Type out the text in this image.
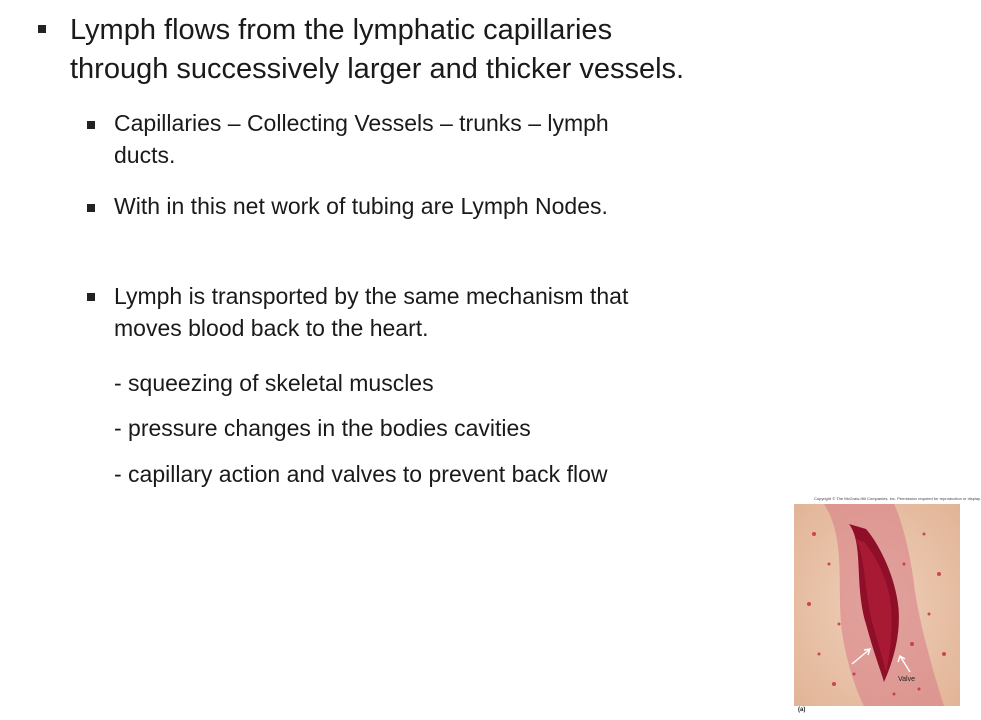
Lymph flows from the lymphatic capillaries
through successively larger and thicker vessels.
Capillaries – Collecting Vessels – trunks – lymph
ducts.
With in this net work of tubing are Lymph Nodes.
Lymph is transported by the same mechanism that
moves blood back to the heart.
- squeezing of skeletal muscles
- pressure changes in the bodies cavities
- capillary action and valves to prevent back flow
Copyright © The McGraw-Hill Companies, Inc. Permission required for reproduction or display.
Valve
(a)
